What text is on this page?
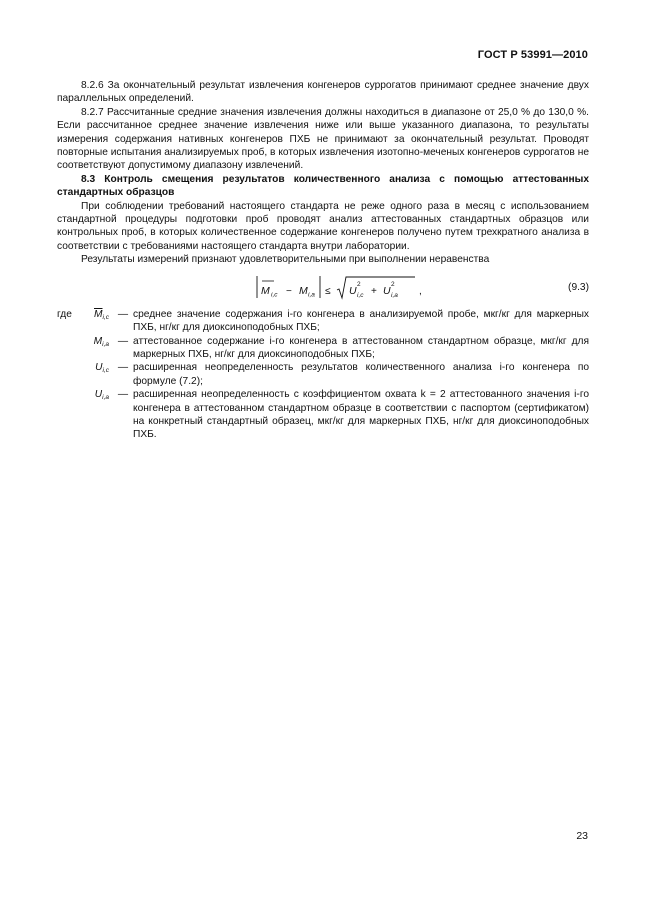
ГОСТ Р 53991—2010

8.2.6 За окончательный результат извлечения конгенеров суррогатов принимают среднее значение двух параллельных определений.

8.2.7 Рассчитанные средние значения извлечения должны находиться в диапазоне от 25,0 % до 130,0 %. Если рассчитанное среднее значение извлечения ниже или выше указанного диапазона, то результаты измерения содержания нативных конгенеров ПХБ не принимают за окончательный результат. Проводят повторные испытания анализируемых проб, в которых извлечения изотопно-меченых конгенеров суррогатов не соответствуют допустимому диапазону извлечений.

8.3 Контроль смещения результатов количественного анализа с помощью аттестованных стандартных образцов

При соблюдении требований настоящего стандарта не реже одного раза в месяц с использованием стандартной процедуры подготовки проб проводят анализ аттестованных стандартных образцов или контрольных проб, в которых количественное содержание конгенеров получено путем трехкратного анализа в соответствии с требованиями настоящего стандарта внутри лаборатории.

Результаты измерений признают удовлетворительными при выполнении неравенства

M i,c − M i,a ≤ U
2
i,c + U
2
i,a ,	(9.3)
где	$\overline{M}i,c$ — среднее значение содержания i-го конгенера в анализируемой пробе, мкг/кг для маркерных ПХБ, нг/кг для диоксиноподобных ПХБ;
Mi,a — аттестованное содержание i-го конгенера в аттестованном стандартном образце, мкг/кг для маркерных ПХБ, нг/кг для диоксиноподобных ПХБ;
Ui,c — расширенная неопределенность результатов количественного анализа i-го конгенера по формуле (7.2);
Ui,a — расширенная неопределенность с коэффициентом охвата k = 2 аттестованного значения i-го конгенера в аттестованном стандартном образце в соответствии с паспортом (сертификатом) на конкретный стандартный образец, мкг/кг для маркерных ПХБ, нг/кг для диоксиноподобных ПХБ.
23
